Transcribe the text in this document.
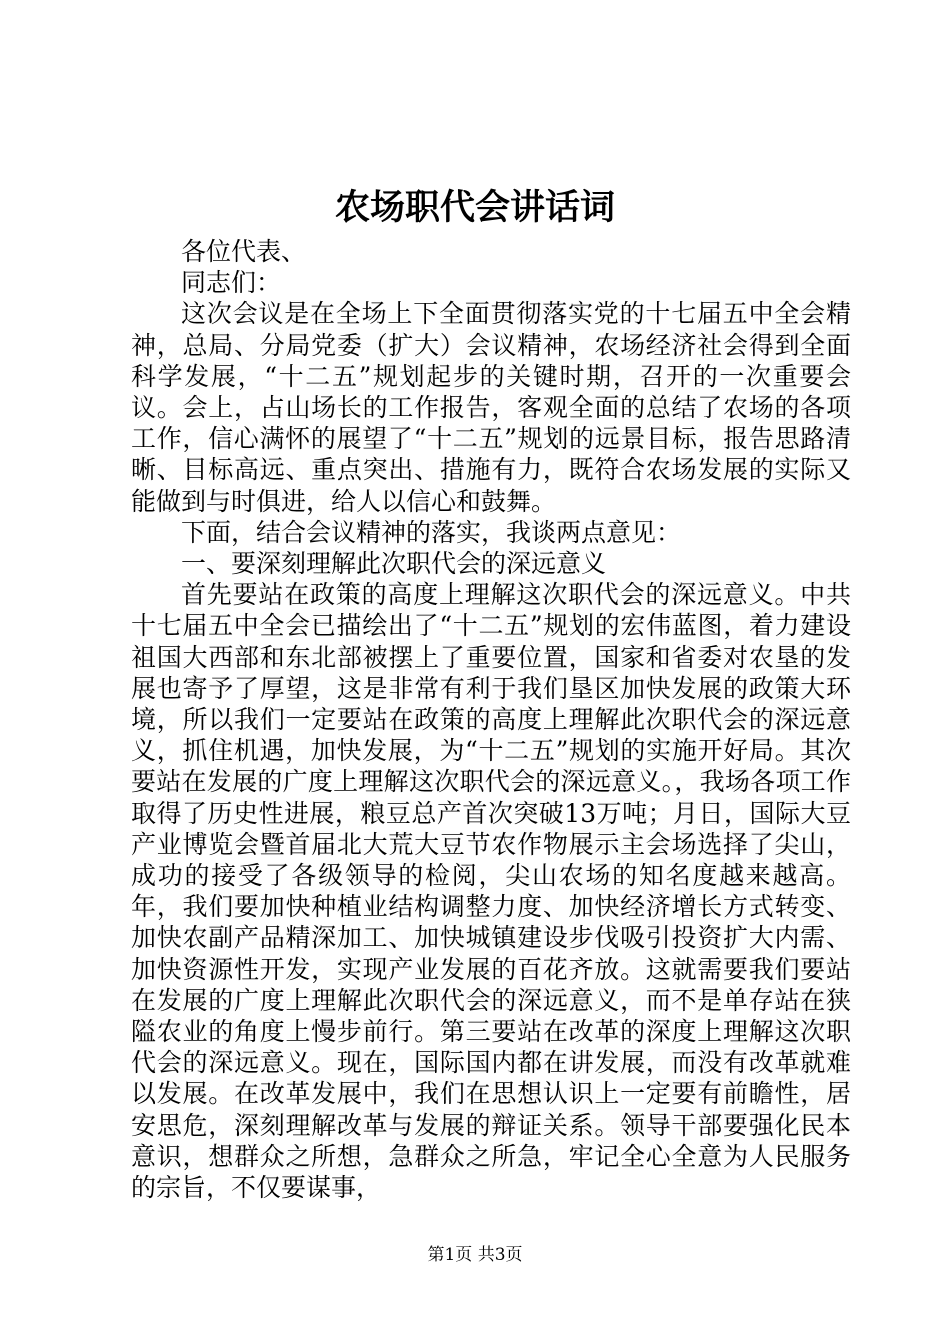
农场职代会讲话词

各位代表、

同志们：

这次会议是在全场上下全面贯彻落实党的十七届五中全会精神，总局、分局党委（扩大）会议精神，农场经济社会得到全面科学发展，“十二五”规划起步的关键时期，召开的一次重要会议。会上，占山场长的工作报告，客观全面的总结了农场的各项工作，信心满怀的展望了“十二五”规划的远景目标，报告思路清晰、目标高远、重点突出、措施有力，既符合农场发展的实际又能做到与时俱进，给人以信心和鼓舞。

下面，结合会议精神的落实，我谈两点意见：

一、要深刻理解此次职代会的深远意义

首先要站在政策的高度上理解这次职代会的深远意义。中共十七届五中全会已描绘出了“十二五”规划的宏伟蓝图，着力建设祖国大西部和东北部被摆上了重要位置，国家和省委对农垦的发展也寄予了厚望，这是非常有利于我们垦区加快发展的政策大环境，所以我们一定要站在政策的高度上理解此次职代会的深远意义，抓住机遇，加快发展，为“十二五”规划的实施开好局。其次要站在发展的广度上理解这次职代会的深远意义。，我场各项工作取得了历史性进展，粮豆总产首次突破13万吨；月日，国际大豆产业博览会暨首届北大荒大豆节农作物展示主会场选择了尖山，成功的接受了各级领导的检阅，尖山农场的知名度越来越高。年，我们要加快种植业结构调整力度、加快经济增长方式转变、加快农副产品精深加工、加快城镇建设步伐吸引投资扩大内需、加快资源性开发，实现产业发展的百花齐放。这就需要我们要站在发展的广度上理解此次职代会的深远意义，而不是单存站在狭隘农业的角度上慢步前行。第三要站在改革的深度上理解这次职代会的深远意义。现在，国际国内都在讲发展，而没有改革就难以发展。在改革发展中，我们在思想认识上一定要有前瞻性，居安思危，深刻理解改革与发展的辩证关系。领导干部要强化民本意识，想群众之所想，急群众之所急，牢记全心全意为人民服务的宗旨，不仅要谋事，

第1页 共3页
